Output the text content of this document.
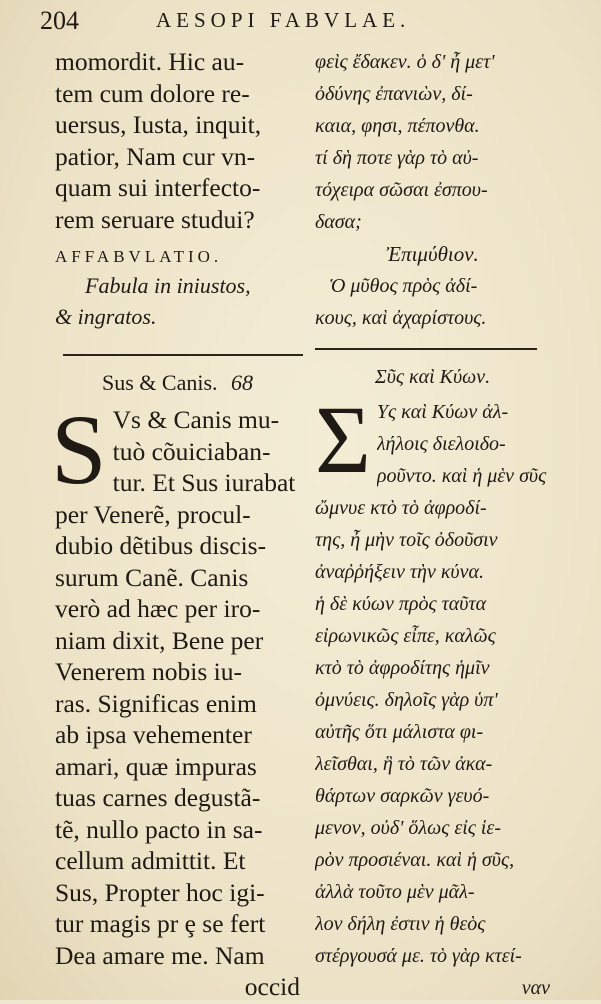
204	AESOPI FABVLAE.
momordit. Hic au-
tem cum dolore re-
uersus, Iusta, inquit,
patior, Nam cur vn-
quam sui interfecto-
rem seruare studui?
AFFABVLATIO.
Fabula in iniustos,
& ingratos.
Sus & Canis. 68
S Vs & Canis mu-
tuò cõuiciaban-
tur. Et Sus iurabat
per Venerẽ, procul-
dubio dẽtibus discis-
surum Canẽ. Canis
verò ad hæc per iro-
niam dixit, Bene per
Venerem nobis iu-
ras. Significas enim
ab ipsa vehementer
amari, quæ impuras
tuas carnes degustã-
tẽ, nullo pacto in sa-
cellum admittit. Et
Sus, Propter hoc igi-
tur magis pr ȩ se fert
Dea amare me. Nam
occid
φεὶς ἔδακεν. ὁ δ' ἦ μετ'
ὀδύνης ἐπανιὼν, δί-
καια, φησι, πέπονθα.
τί δὴ ποτε γὰρ τὸ αὐ-
τόχειρα σῶσαι ἐσπου-
δασα;
Ἐπιμύθιον.
Ὁ μῦθος πρὸς ἀδί-
κους, καὶ ἀχαρίστους.
Σῦς καὶ Κύων.
Σ Υς καὶ Κύων ἀλ-
λήλοις διελοιδο-
ροῦντο. καὶ ἡ μὲν σῦς
ὤμνυε κτὸ τὸ ἀφροδί-
της, ἦ μὴν τοῖς ὀδοῦσιν
ἀναῤῥήξειν τὴν κύνα.
ἡ δὲ κύων πρὸς ταῦτα
εἰρωνικῶς εἶπε, καλῶς
κτὸ τὸ ἀφροδίτης ἡμῖν
ὀμνύεις. δηλοῖς γὰρ ὑπ'
αὐτῆς ὅτι μάλιστα φι-
λεῖσθαι, ἣ τὸ τῶν ἀκα-
θάρτων σαρκῶν γευό-
μενον, οὐδ' ὅλως εἰς ἱε-
ρὸν προσιέναι. καὶ ἡ σῦς,
ἀλλὰ τοῦτο μὲν μᾶλ-
λον δήλη ἐστιν ἡ θεὸς
στέργουσά με. τὸ γὰρ κτεί-
ναν
